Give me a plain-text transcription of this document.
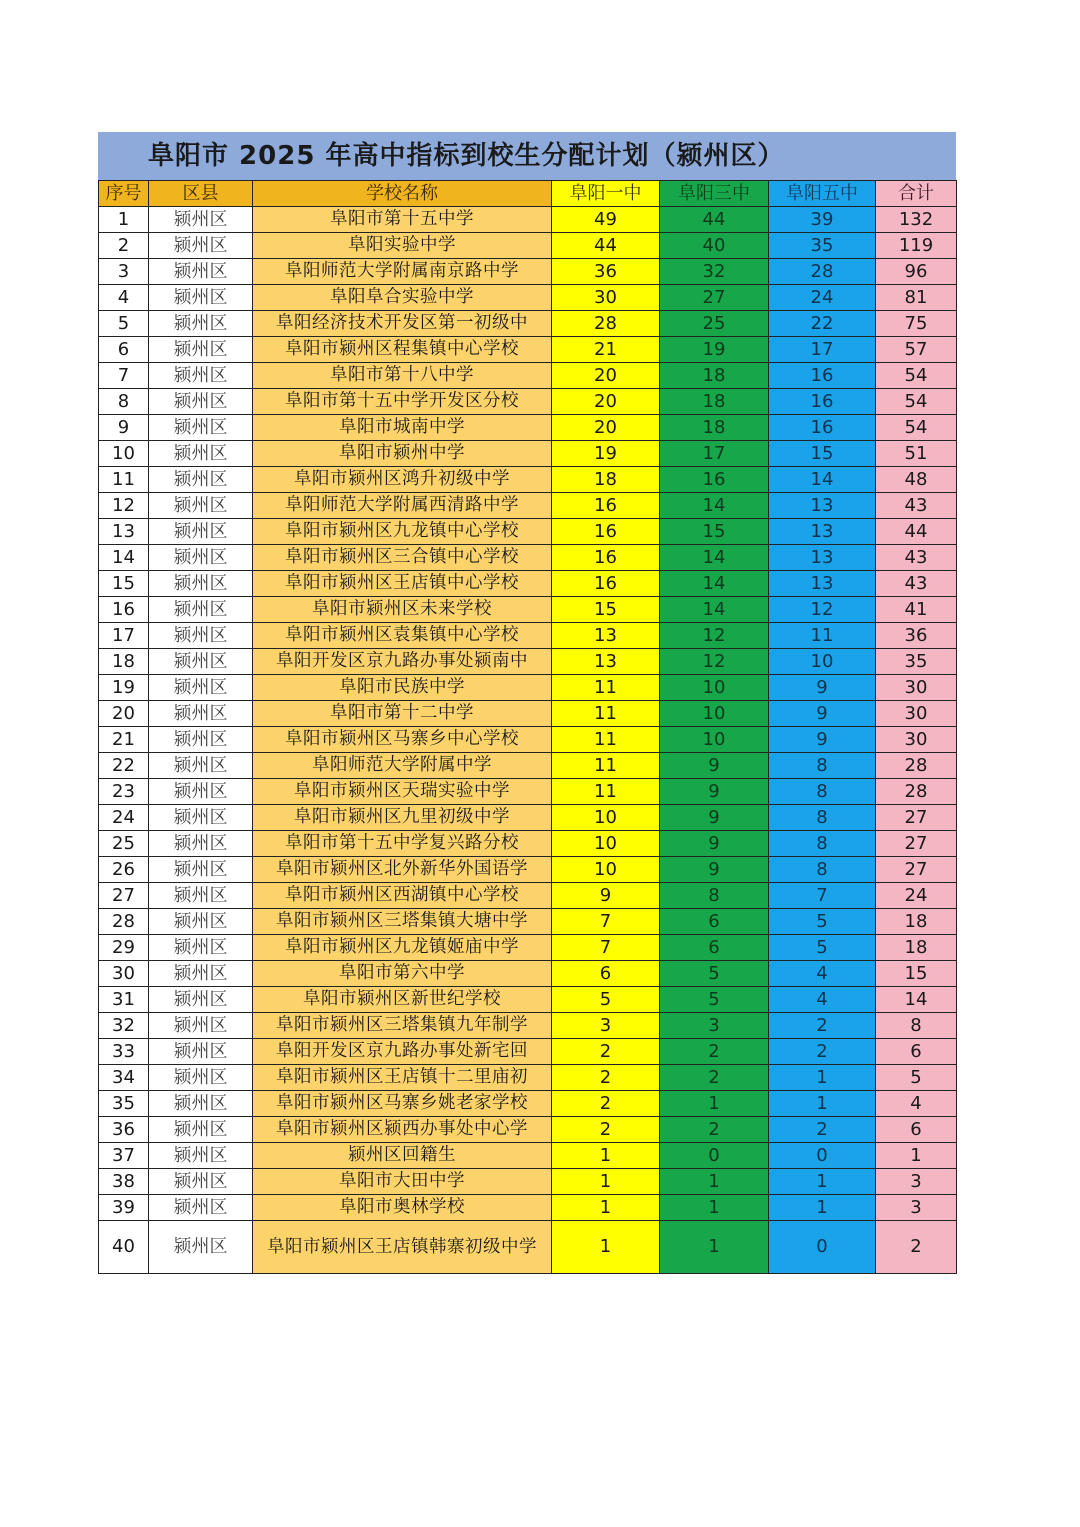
阜阳市 2025 年高中指标到校生分配计划（颍州区）
序号	区县	学校名称	阜阳一中	阜阳三中	阜阳五中	合计
1	颍州区	阜阳市第十五中学	49	44	39	132
2	颍州区	阜阳实验中学	44	40	35	119
3	颍州区	阜阳师范大学附属南京路中学	36	32	28	96
4	颍州区	阜阳阜合实验中学	30	27	24	81
5	颍州区	阜阳经济技术开发区第一初级中	28	25	22	75
6	颍州区	阜阳市颍州区程集镇中心学校	21	19	17	57
7	颍州区	阜阳市第十八中学	20	18	16	54
8	颍州区	阜阳市第十五中学开发区分校	20	18	16	54
9	颍州区	阜阳市城南中学	20	18	16	54
10	颍州区	阜阳市颍州中学	19	17	15	51
11	颍州区	阜阳市颍州区鸿升初级中学	18	16	14	48
12	颍州区	阜阳师范大学附属西清路中学	16	14	13	43
13	颍州区	阜阳市颍州区九龙镇中心学校	16	15	13	44
14	颍州区	阜阳市颍州区三合镇中心学校	16	14	13	43
15	颍州区	阜阳市颍州区王店镇中心学校	16	14	13	43
16	颍州区	阜阳市颍州区未来学校	15	14	12	41
17	颍州区	阜阳市颍州区袁集镇中心学校	13	12	11	36
18	颍州区	阜阳开发区京九路办事处颍南中	13	12	10	35
19	颍州区	阜阳市民族中学	11	10	9	30
20	颍州区	阜阳市第十二中学	11	10	9	30
21	颍州区	阜阳市颍州区马寨乡中心学校	11	10	9	30
22	颍州区	阜阳师范大学附属中学	11	9	8	28
23	颍州区	阜阳市颍州区天瑞实验中学	11	9	8	28
24	颍州区	阜阳市颍州区九里初级中学	10	9	8	27
25	颍州区	阜阳市第十五中学复兴路分校	10	9	8	27
26	颍州区	阜阳市颍州区北外新华外国语学	10	9	8	27
27	颍州区	阜阳市颍州区西湖镇中心学校	9	8	7	24
28	颍州区	阜阳市颍州区三塔集镇大塘中学	7	6	5	18
29	颍州区	阜阳市颍州区九龙镇姬庙中学	7	6	5	18
30	颍州区	阜阳市第六中学	6	5	4	15
31	颍州区	阜阳市颍州区新世纪学校	5	5	4	14
32	颍州区	阜阳市颍州区三塔集镇九年制学	3	3	2	8
33	颍州区	阜阳开发区京九路办事处新宅回	2	2	2	6
34	颍州区	阜阳市颍州区王店镇十二里庙初	2	2	1	5
35	颍州区	阜阳市颍州区马寨乡姚老家学校	2	1	1	4
36	颍州区	阜阳市颍州区颍西办事处中心学	2	2	2	6
37	颍州区	颍州区回籍生	1	0	0	1
38	颍州区	阜阳市大田中学	1	1	1	3
39	颍州区	阜阳市奥林学校	1	1	1	3
40	颍州区	阜阳市颍州区王店镇韩寨初级中学	1	1	0	2
